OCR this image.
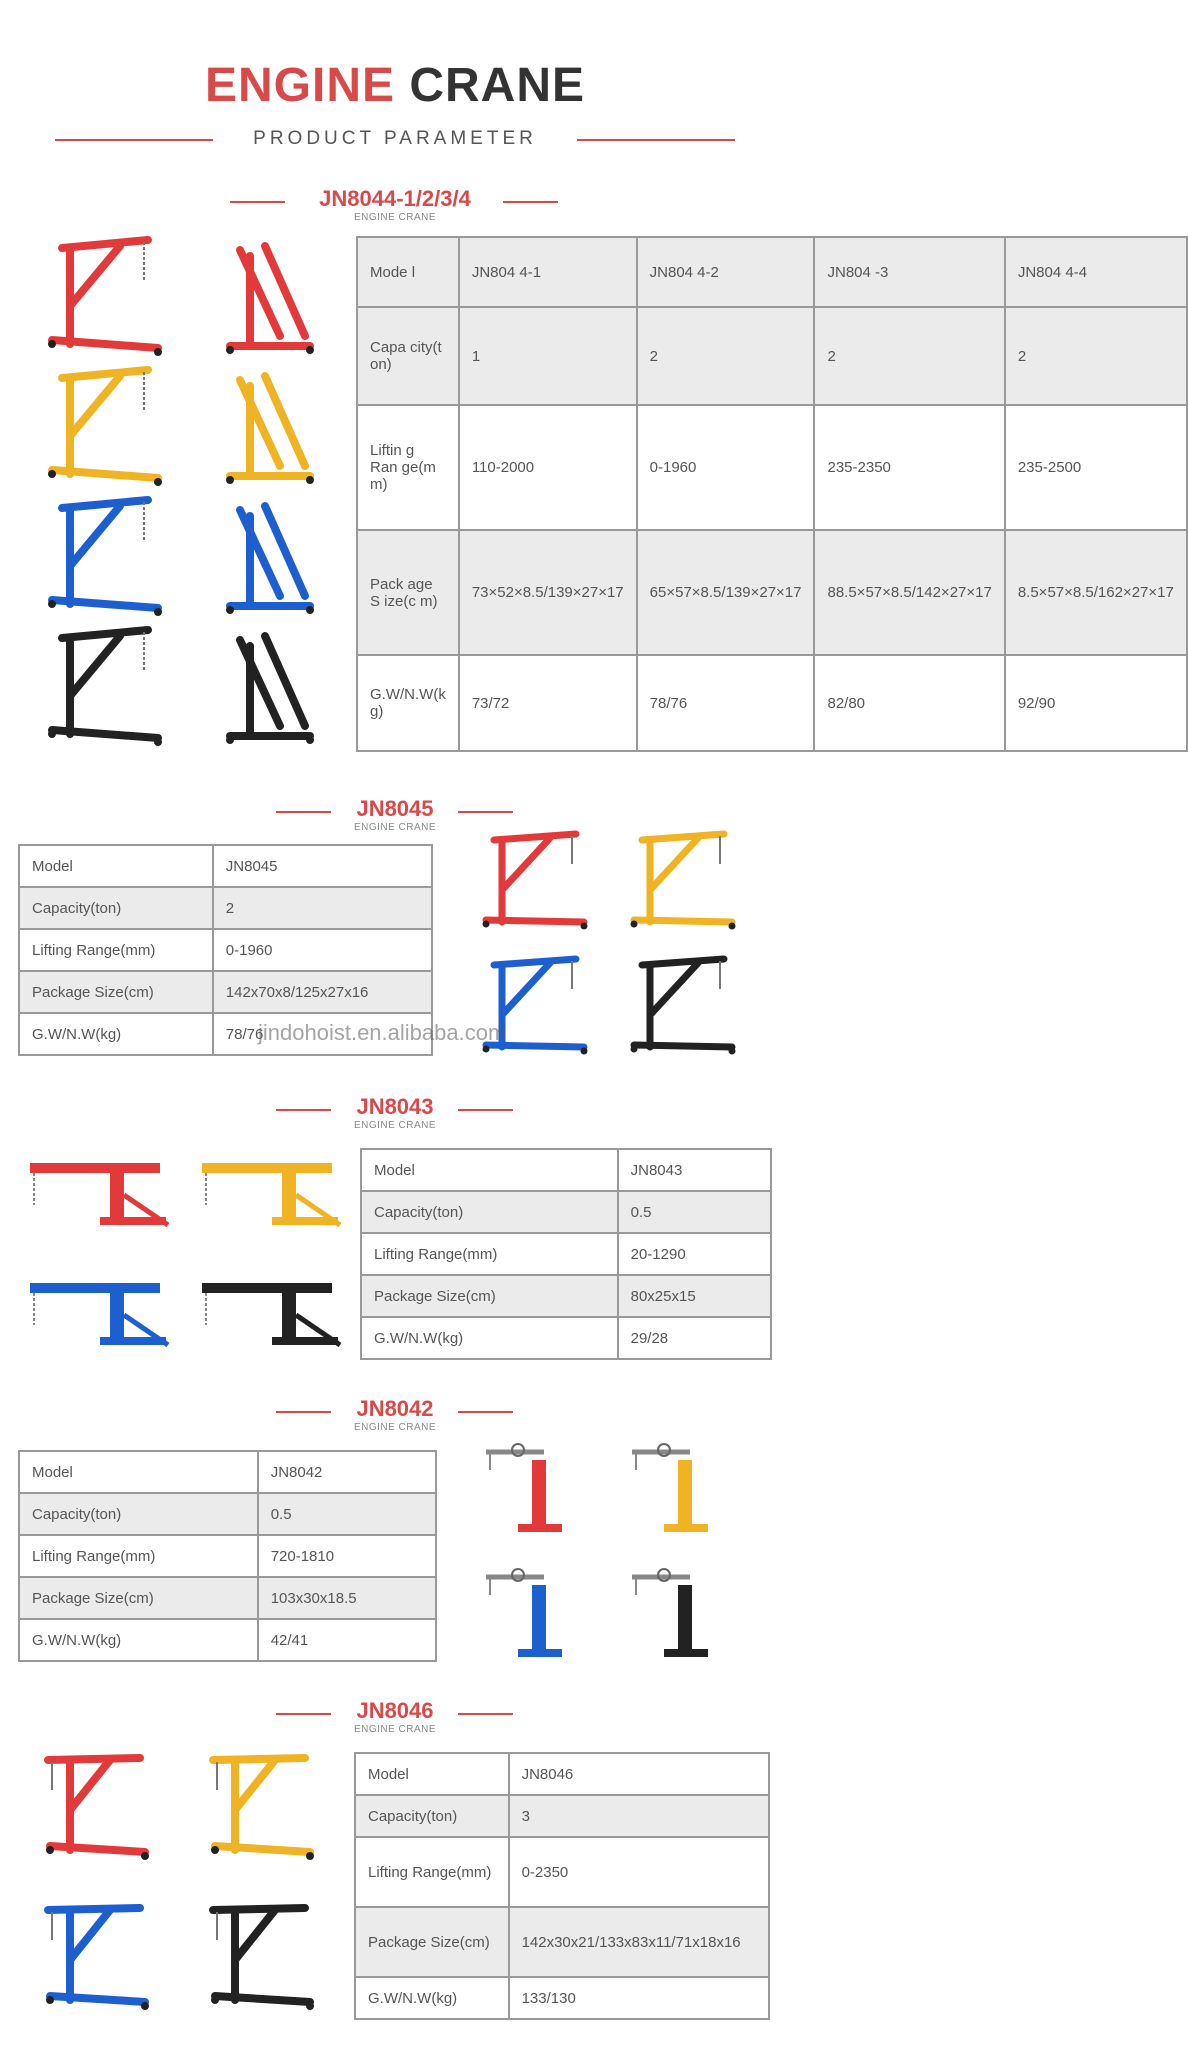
ENGINE CRANE
PRODUCT PARAMETER
JN8044-1/2/3/4
ENGINE CRANE
Mode l	JN804 4-1	JN804 4-2	JN804 -3	JN804 4-4
Capa city(t on)	1	2	2	2
Liftin g Ran ge(m m)	110-2000	0-1960	235-2350	235-2500
Pack age S ize(c m)	73×52×8.5/139×27×17	65×57×8.5/139×27×17	88.5×57×8.5/142×27×17	8.5×57×8.5/162×27×17
G.W/N.W(k g)	73/72	78/76	82/80	92/90
JN8045
ENGINE CRANE
Model	JN8045
Capacity(ton)	2
Lifting Range(mm)	0-1960
Package Size(cm)	142x70x8/125x27x16
G.W/N.W(kg)	78/76
jindohoist.en.alibaba.com
JN8043
ENGINE CRANE
Model	JN8043
Capacity(ton)	0.5
Lifting Range(mm)	20-1290
Package Size(cm)	80x25x15
G.W/N.W(kg)	29/28
JN8042
ENGINE CRANE
Model	JN8042
Capacity(ton)	0.5
Lifting Range(mm)	720-1810
Package Size(cm)	103x30x18.5
G.W/N.W(kg)	42/41
JN8046
ENGINE CRANE
Model	JN8046
Capacity(ton)	3
Lifting Range(mm)	0-2350
Package Size(cm)	142x30x21/133x83x11/71x18x16
G.W/N.W(kg)	133/130
